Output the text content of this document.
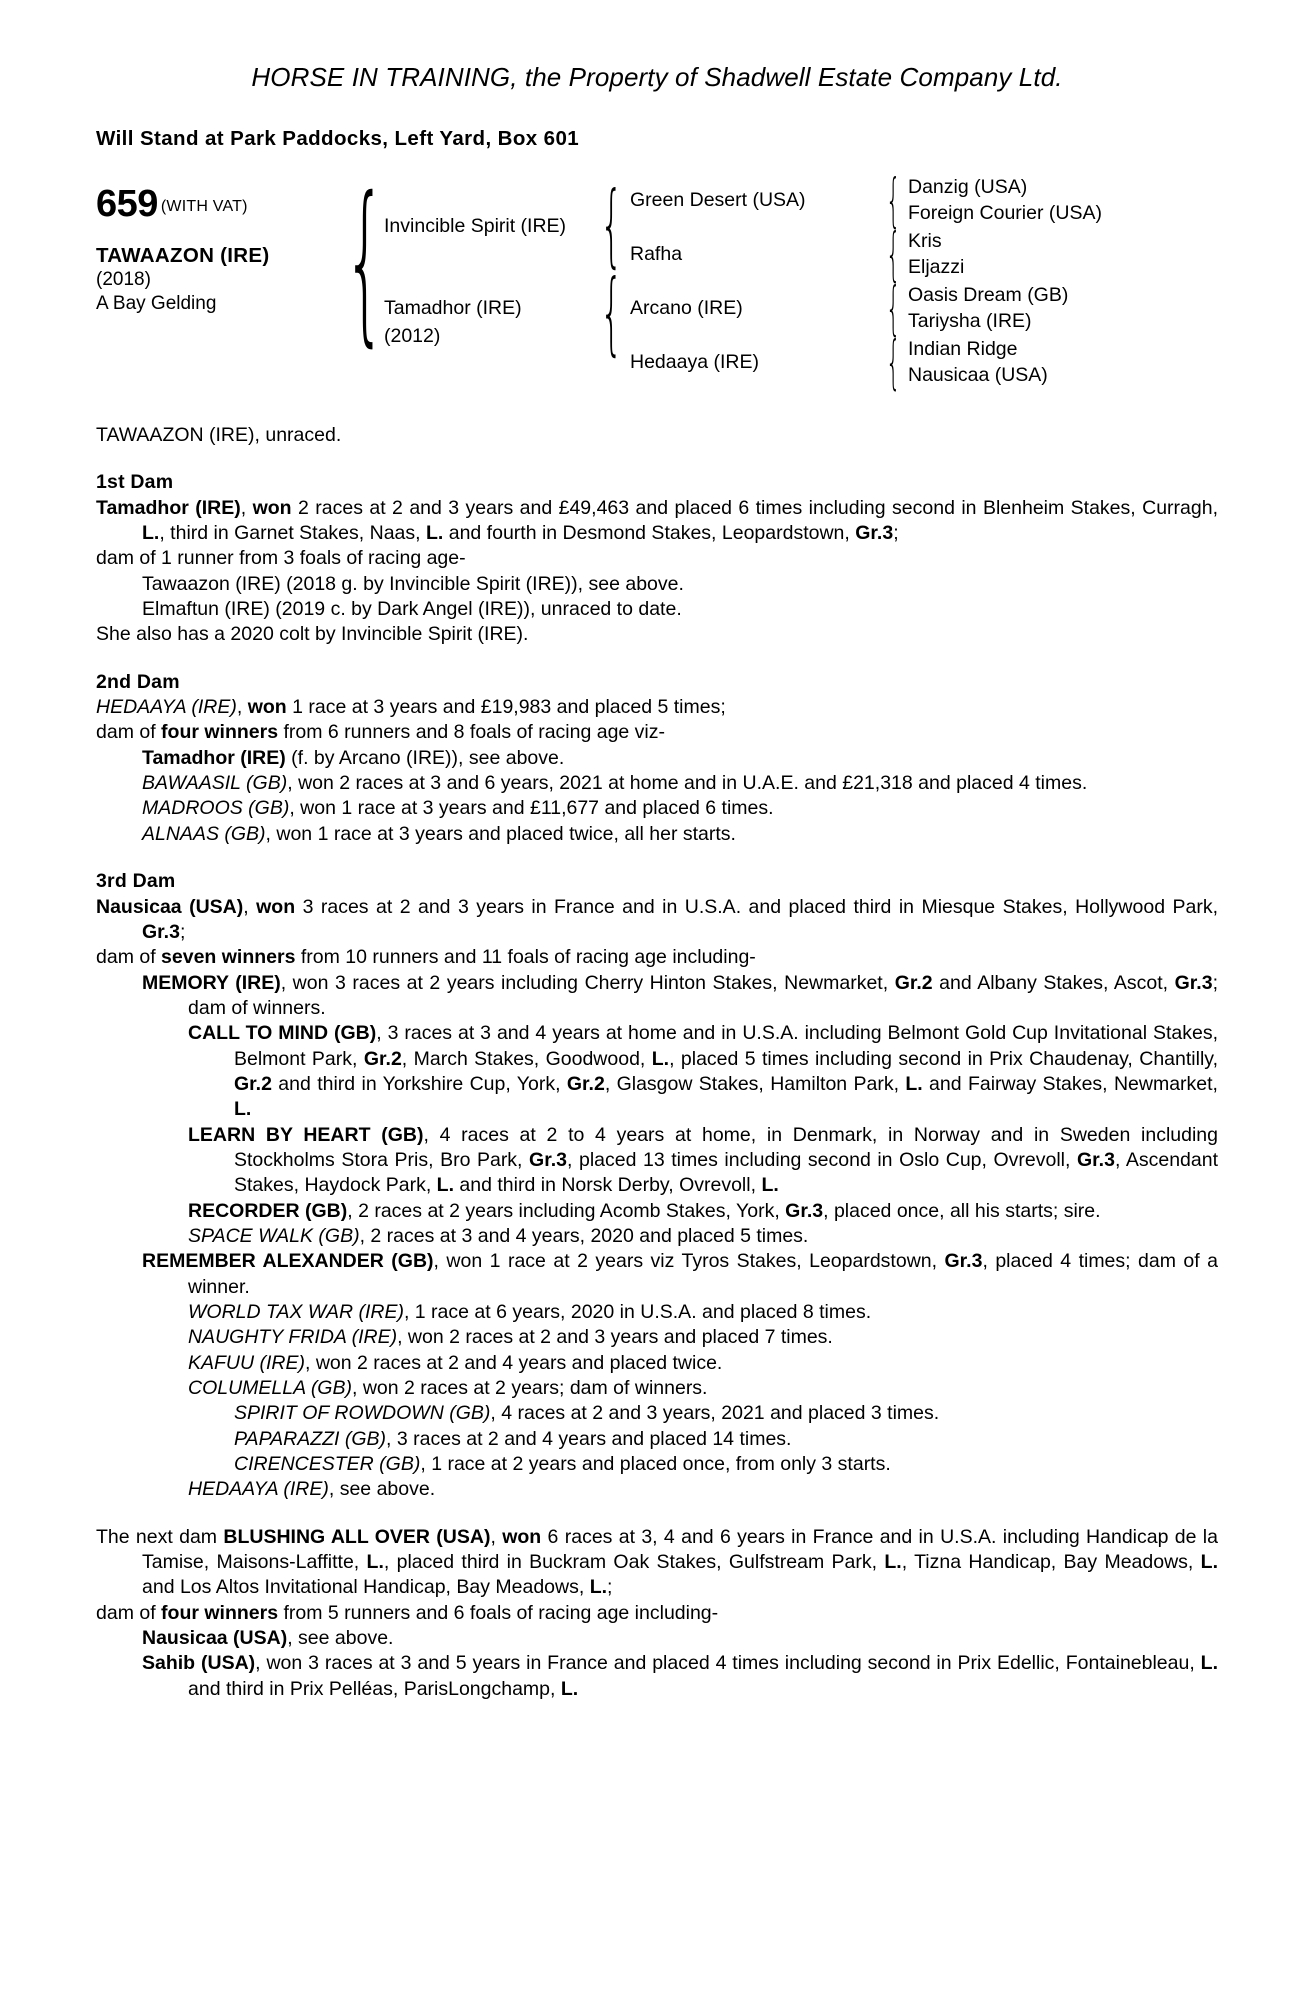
HORSE IN TRAINING, the Property of Shadwell Estate Company Ltd.
Will Stand at Park Paddocks, Left Yard, Box 601
659 (WITH VAT)
TAWAAZON (IRE)
(2018)
A Bay Gelding	{
Invincible Spirit (IRE)
Tamadhor (IRE)
(2012)
{
{
Green Desert (USA)
Rafha
Arcano (IRE)
Hedaaya (IRE)
{
{
{
{
Danzig (USA)
Foreign Courier (USA)
Kris
Eljazzi
Oasis Dream (GB)
Tariysha (IRE)
Indian Ridge
Nausicaa (USA)

TAWAAZON (IRE), unraced.

1st Dam

Tamadhor (IRE), won 2 races at 2 and 3 years and £49,463 and placed 6 times including second in Blenheim Stakes, Curragh, L., third in Garnet Stakes, Naas, L. and fourth in Desmond Stakes, Leopardstown, Gr.3;

dam of 1 runner from 3 foals of racing age-

Tawaazon (IRE) (2018 g. by Invincible Spirit (IRE)), see above.

Elmaftun (IRE) (2019 c. by Dark Angel (IRE)), unraced to date.

She also has a 2020 colt by Invincible Spirit (IRE).

2nd Dam

HEDAAYA (IRE), won 1 race at 3 years and £19,983 and placed 5 times;

dam of four winners from 6 runners and 8 foals of racing age viz-

Tamadhor (IRE) (f. by Arcano (IRE)), see above.

BAWAASIL (GB), won 2 races at 3 and 6 years, 2021 at home and in U.A.E. and £21,318 and placed 4 times.

MADROOS (GB), won 1 race at 3 years and £11,677 and placed 6 times.

ALNAAS (GB), won 1 race at 3 years and placed twice, all her starts.

3rd Dam

Nausicaa (USA), won 3 races at 2 and 3 years in France and in U.S.A. and placed third in Miesque Stakes, Hollywood Park, Gr.3;

dam of seven winners from 10 runners and 11 foals of racing age including-

MEMORY (IRE), won 3 races at 2 years including Cherry Hinton Stakes, Newmarket, Gr.2 and Albany Stakes, Ascot, Gr.3; dam of winners.

CALL TO MIND (GB), 3 races at 3 and 4 years at home and in U.S.A. including Belmont Gold Cup Invitational Stakes, Belmont Park, Gr.2, March Stakes, Goodwood, L., placed 5 times including second in Prix Chaudenay, Chantilly, Gr.2 and third in Yorkshire Cup, York, Gr.2, Glasgow Stakes, Hamilton Park, L. and Fairway Stakes, Newmarket, L.

LEARN BY HEART (GB), 4 races at 2 to 4 years at home, in Denmark, in Norway and in Sweden including Stockholms Stora Pris, Bro Park, Gr.3, placed 13 times including second in Oslo Cup, Ovrevoll, Gr.3, Ascendant Stakes, Haydock Park, L. and third in Norsk Derby, Ovrevoll, L.

RECORDER (GB), 2 races at 2 years including Acomb Stakes, York, Gr.3, placed once, all his starts; sire.

SPACE WALK (GB), 2 races at 3 and 4 years, 2020 and placed 5 times.

REMEMBER ALEXANDER (GB), won 1 race at 2 years viz Tyros Stakes, Leopardstown, Gr.3, placed 4 times; dam of a winner.

WORLD TAX WAR (IRE), 1 race at 6 years, 2020 in U.S.A. and placed 8 times.

NAUGHTY FRIDA (IRE), won 2 races at 2 and 3 years and placed 7 times.

KAFUU (IRE), won 2 races at 2 and 4 years and placed twice.

COLUMELLA (GB), won 2 races at 2 years; dam of winners.

SPIRIT OF ROWDOWN (GB), 4 races at 2 and 3 years, 2021 and placed 3 times.

PAPARAZZI (GB), 3 races at 2 and 4 years and placed 14 times.

CIRENCESTER (GB), 1 race at 2 years and placed once, from only 3 starts.

HEDAAYA (IRE), see above.

The next dam BLUSHING ALL OVER (USA), won 6 races at 3, 4 and 6 years in France and in U.S.A. including Handicap de la Tamise, Maisons-Laffitte, L., placed third in Buckram Oak Stakes, Gulfstream Park, L., Tizna Handicap, Bay Meadows, L. and Los Altos Invitational Handicap, Bay Meadows, L.;

dam of four winners from 5 runners and 6 foals of racing age including-

Nausicaa (USA), see above.

Sahib (USA), won 3 races at 3 and 5 years in France and placed 4 times including second in Prix Edellic, Fontainebleau, L. and third in Prix Pelléas, ParisLongchamp, L.
